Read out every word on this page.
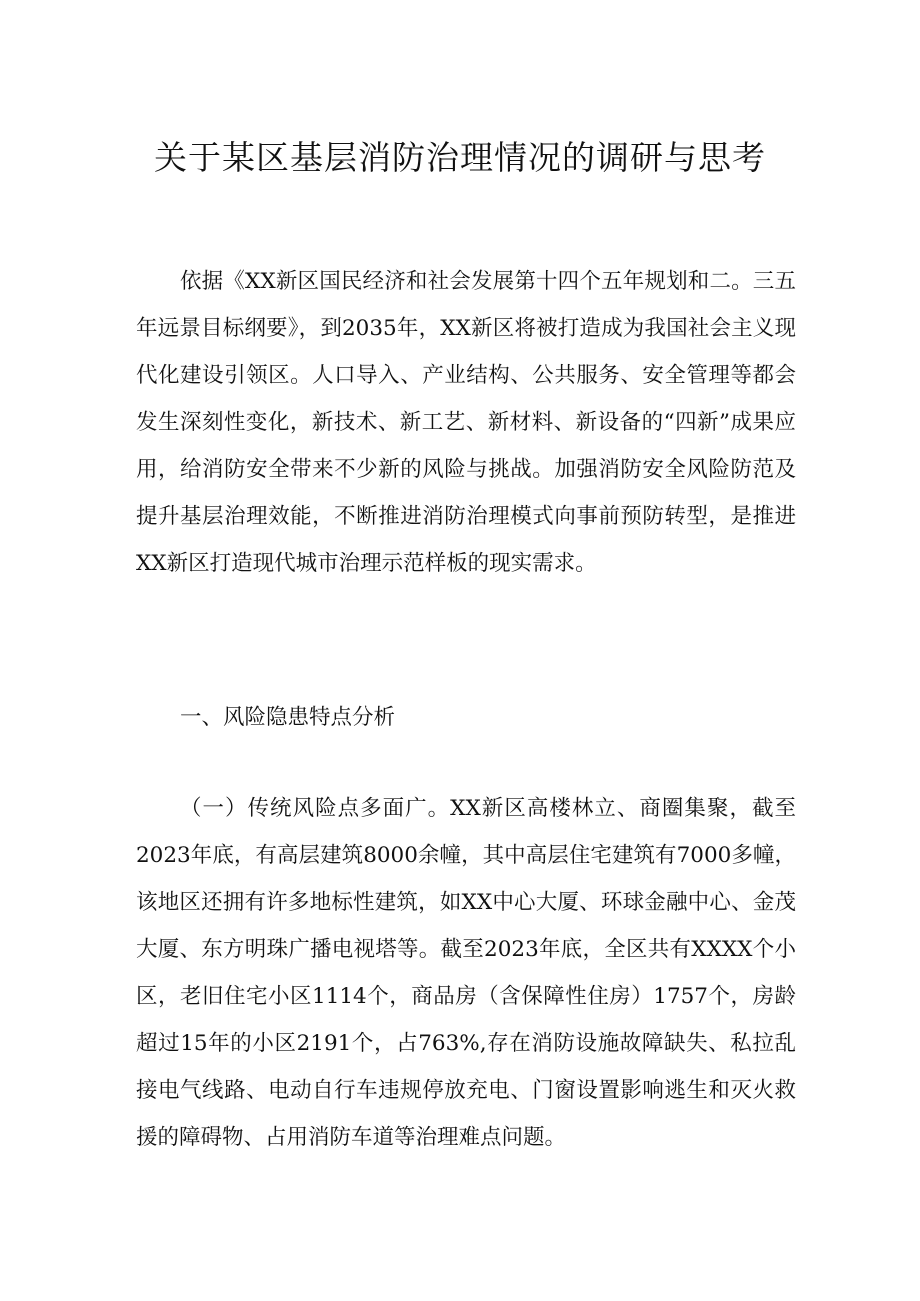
关于某区基层消防治理情况的调研与思考

依据《XX新区国民经济和社会发展第十四个五年规划和二。三五年远景目标纲要》，到2035年，XX新区将被打造成为我国社会主义现代化建设引领区。人口导入、产业结构、公共服务、安全管理等都会发生深刻性变化，新技术、新工艺、新材料、新设备的“四新”成果应用，给消防安全带来不少新的风险与挑战。加强消防安全风险防范及提升基层治理效能，不断推进消防治理模式向事前预防转型，是推进XX新区打造现代城市治理示范样板的现实需求。

一、风险隐患特点分析

（一）传统风险点多面广。XX新区高楼林立、商圈集聚，截至2023年底，有高层建筑8000余幢，其中高层住宅建筑有7000多幢，该地区还拥有许多地标性建筑，如XX中心大厦、环球金融中心、金茂大厦、东方明珠广播电视塔等。截至2023年底，全区共有XXXX个小区，老旧住宅小区1114个，商品房（含保障性住房）1757个，房龄超过15年的小区2191个，占763%,存在消防设施故障缺失、私拉乱接电气线路、电动自行车违规停放充电、门窗设置影响逃生和灭火救援的障碍物、占用消防车道等治理难点问题。
